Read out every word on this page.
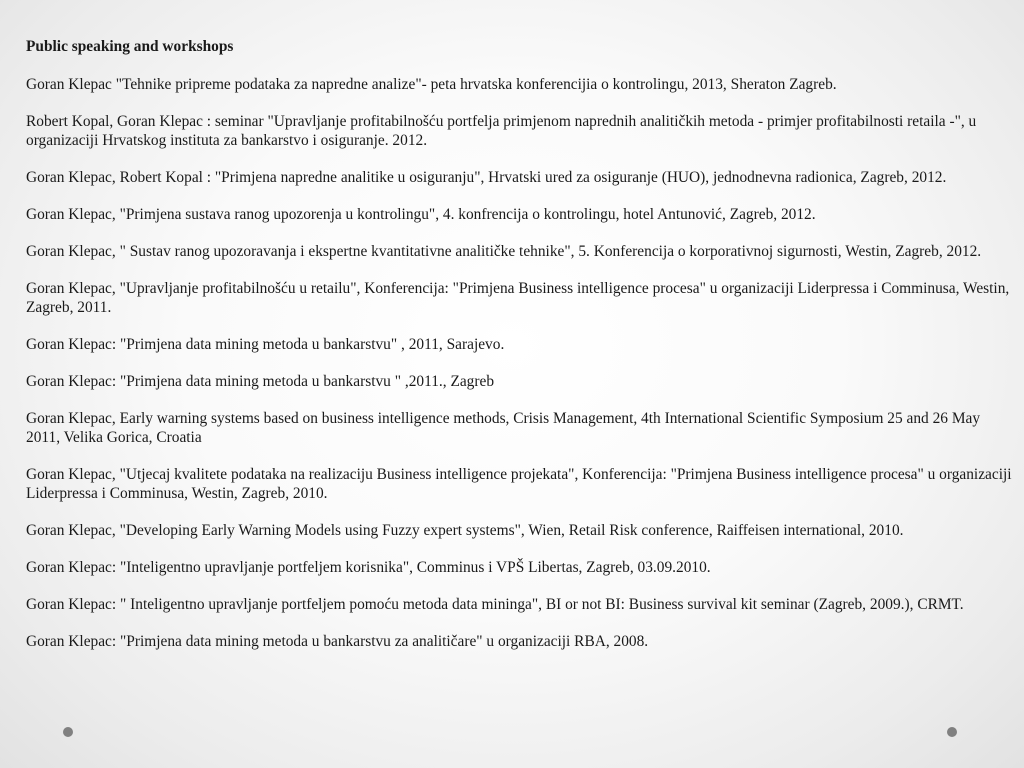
Public speaking and workshops
Goran Klepac "Tehnike pripreme podataka za napredne analize"- peta hrvatska konferencijia o kontrolingu, 2013, Sheraton Zagreb.
Robert Kopal, Goran Klepac : seminar "Upravljanje profitabilnošću portfelja primjenom naprednih analitičkih metoda - primjer profitabilnosti retaila -", u organizaciji Hrvatskog instituta za bankarstvo i osiguranje. 2012.
Goran Klepac, Robert Kopal : "Primjena napredne analitike u osiguranju", Hrvatski ured za osiguranje (HUO), jednodnevna radionica, Zagreb, 2012.
Goran Klepac, "Primjena sustava ranog upozorenja u kontrolingu", 4. konfrencija o kontrolingu, hotel Antunović, Zagreb, 2012.
Goran Klepac, " Sustav ranog upozoravanja i ekspertne kvantitativne analitičke tehnike", 5. Konferencija o korporativnoj sigurnosti, Westin, Zagreb, 2012.
Goran Klepac, "Upravljanje profitabilnošću u retailu", Konferencija: "Primjena Business intelligence procesa" u organizaciji Liderpressa i Comminusa, Westin, Zagreb, 2011.
Goran Klepac: "Primjena data mining metoda u bankarstvu" , 2011, Sarajevo.
Goran Klepac: "Primjena data mining metoda u bankarstvu " ,2011., Zagreb
Goran Klepac, Early warning systems based on business intelligence methods, Crisis Management, 4th International Scientific Symposium 25 and 26 May 2011, Velika Gorica, Croatia
Goran Klepac, "Utjecaj kvalitete podataka na realizaciju Business intelligence projekata", Konferencija: "Primjena Business intelligence procesa" u organizaciji Liderpressa i Comminusa, Westin, Zagreb, 2010.
Goran Klepac, "Developing Early Warning Models using Fuzzy expert systems", Wien, Retail Risk conference, Raiffeisen international, 2010.
Goran Klepac: "Inteligentno upravljanje portfeljem korisnika", Comminus i VPŠ Libertas, Zagreb, 03.09.2010.
Goran Klepac: " Inteligentno upravljanje portfeljem pomoću metoda data mininga", BI or not BI: Business survival kit seminar (Zagreb, 2009.), CRMT.
Goran Klepac: "Primjena data mining metoda u bankarstvu za analitičare" u organizaciji RBA, 2008.
